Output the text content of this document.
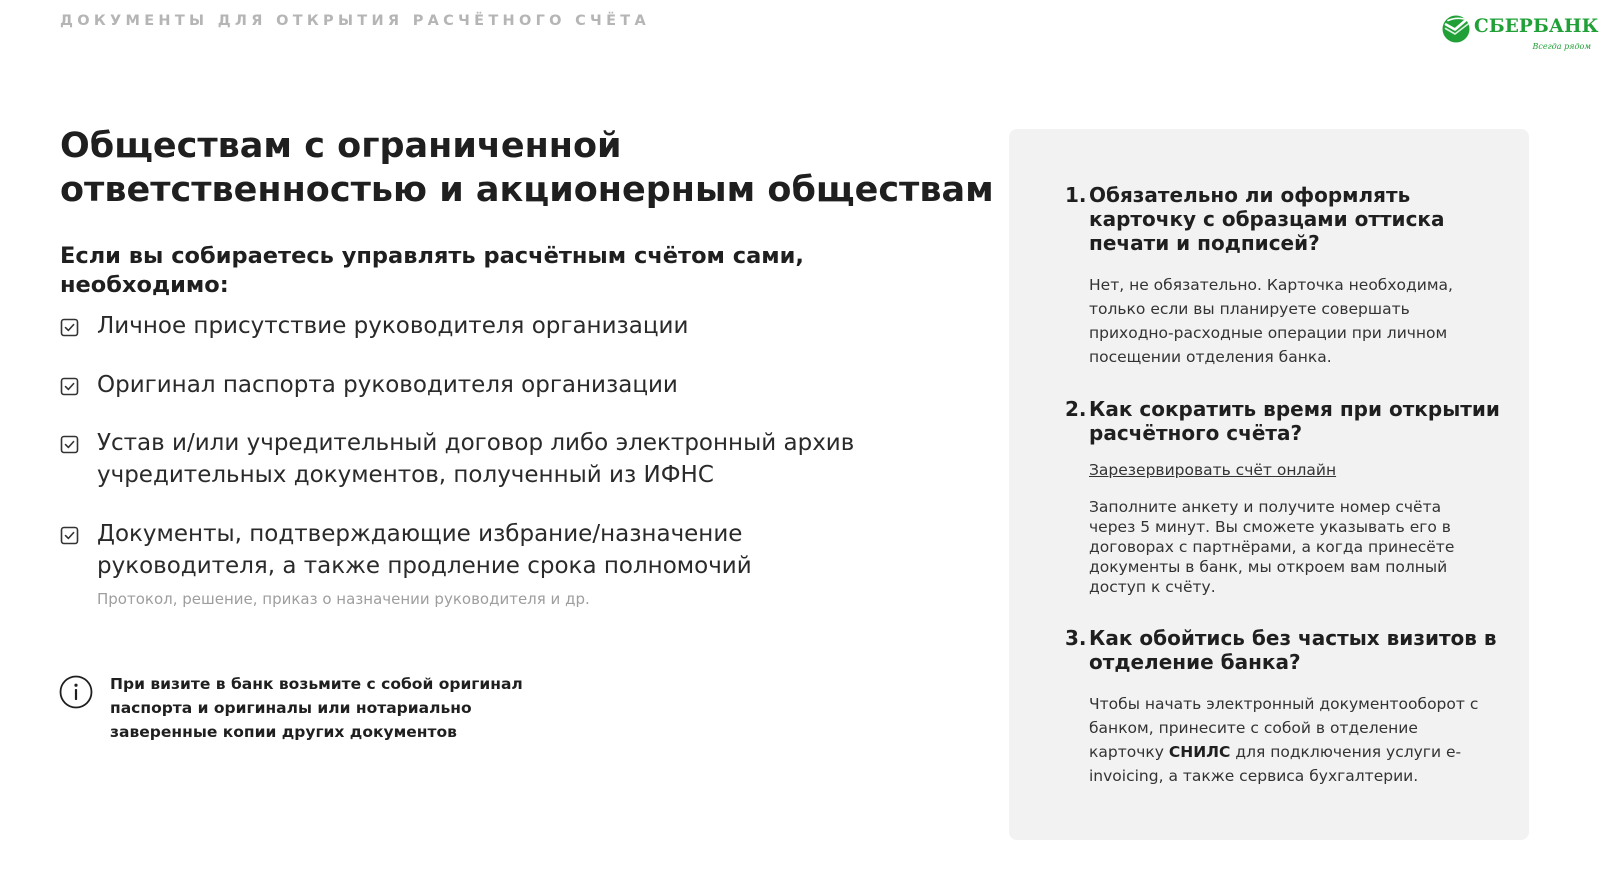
ДОКУМЕНТЫ ДЛЯ ОТКРЫТИЯ РАСЧЁТНОГО СЧЁТА	СБЕРБАНК
Всегда рядом
Обществам с ограниченной ответственностью и акционерным обществам
Если вы собираетесь управлять расчётным счётом сами, необходимо:
Личное присутствие руководителя организации
Оригинал паспорта руководителя организации
Устав и/или учредительный договор либо электронный архив учредительных документов, полученный из ИФНС
Документы, подтверждающие избрание/назначение руководителя, а также продление срока полномочий
Протокол, решение, приказ о назначении руководителя и др.
При визите в банк возьмите с собой оригинал паспорта и оригиналы или нотариально заверенные копии других документов
1. Обязательно ли оформлять карточку с образцами оттиска печати и подписей?
Нет, не обязательно. Карточка необходима, только если вы планируете совершать приходно-расходные операции при личном посещении отделения банка.
2. Как сократить время при открытии расчётного счёта?
Зарезервировать счёт онлайн
Заполните анкету и получите номер счёта через 5 минут. Вы сможете указывать его в договорах с партнёрами, а когда принесёте документы в банк, мы откроем вам полный доступ к счёту.
3. Как обойтись без частых визитов в отделение банка?
Чтобы начать электронный документооборот с банком, принесите с собой в отделение карточку СНИЛС для подключения услуги e-invoicing, а также сервиса бухгалтерии.
